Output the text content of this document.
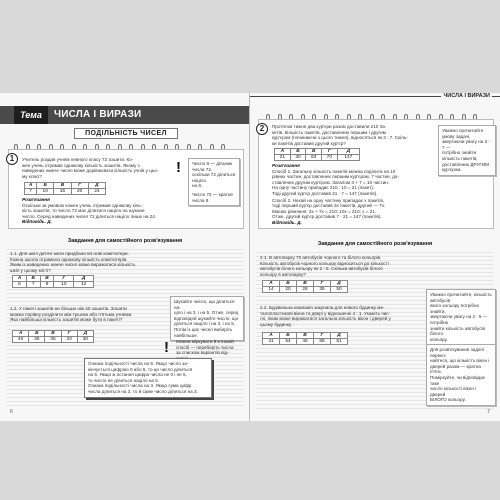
Тема	ЧИСЛА І ВИРАЗИ
ПОДІЛЬНІСТЬ ЧИСЕЛ
1	Учитель роздав учням певного класу 72 зошити. Ко-
жен учень отримав однакову кількість зошитів. Якому з
наведених нижче чисел може дорівнювати кількість учнів у цьо-
му класі?
А	Б	В	Г	Д
7	10	15	20	24
Розв'язання
Оскільки за умовою кожен учень отримав однакову кіль-
кість зошитів, то число 72 має ділитися націло на шукане
число. Серед наведених чисел 72 ділиться націло лише на 24.
Відповідь. Д.
! Число 8 — дільник числа 72,
оскільки 72 ділиться націло
на 8.
Число 72 — кратне числа 8.
Завдання для самостійного розв'язування
1.1. Для шкіл дитячі мати придбали 84 нові комп'ютери.
Кожна школа отримала однакову кількість комп'ютерів.
Яким із наведених нижче чисел може виражатися кількість
шкіл у цьому місті?
А	Б	В	Г	Д
6	7	8	10	12
1.2. У пакеті зошитів не більше ніж 40 зошитів. Зошити
можна порівну розділити між трьома або п'ятьма учнями.
Яка найбільша кількість зошитів може бути в пакеті?
А	Б	В	Г	Д
40	36	35	33	30
Шукайте число, що ділиться на-
ціло і на 3, і на 5. Отже, серед
відповідей шукайте число, що
ділиться націло і на 3, і на 5.
Потім із цих чисел виберіть
найбільше.
! Можна міркувати й в інший
спосіб — переберіть числа
за списком варіантів від-
Ознака подільності числа на 5. Якщо число за-
кінчується цифрою 0 або 5, то це число ділиться
на 5. Якщо ж остання цифра числа не 0 і не 5,
то число не ділиться націло на 5.
Ознака подільності числа на 3. Якщо сума цифр
числа ділиться на 3, то й саме число ділиться на 3.
6
ЧИСЛА І ВИРАЗИ
2	Протягом тижня два кур'єри разом доставили 210 па-
кетів. Кількість пакетів, доставлених першим і другим
кур'єром (починаючи з цього тижня), відносяться як 3 : 7. Скіль-
ки пакетів доставив другий кур'єр?
А	Б	В	Г	Д
21	30	63	70	147
Розв'язання
Спосіб 1. Загальну кількість пакетів можна поділити на 10
рівних частин, доставлених першим кур'єром, 7 частин, до-
ставлених другим кур'єром. Загалом 3 + 7 = 10 частин.
На одну частину припадає 210 : 10 = 21 (пакет).
Тоді другий кур'єр доставив 21 · 7 = 147 (пакетів).
Спосіб 2. Нехай на одну частину припадає x пакетів,
тоді перший кур'єр доставив 3x пакетів, другий — 7x.
Маємо рівняння: 3x + 7x = 210; 10x = 210; x = 21.
Отже, другий кур'єр доставив 7 · 21 = 147 (пакетів).
Відповідь. Д.
Уважно прочитайте умову задачі,
звертаючи увагу на 3 : 7 —
потрібно знайти кількість пакетів,
доставлених ДРУГИМ кур'єром.
Завдання для самостійного розв'язування
2.1. В автопарку 70 автобусів чорного та білого кольорів.
Кількість автобусів чорного кольору відноситься до кількості
автобусів білого кольору як 2 : 5. Скільки автобусів білого
кольору в автопарку?
А	Б	В	Г	Д
14	20	28	35	50
2.2. Будівельна компанія закупила для нового будинку ме-
талопластикові вікна та двері у відношенні 4 : 1. Укажіть чис-
ло, яким може виражатися загальна кількість вікон і дверей у
цьому будинку.
А	Б	В	Г	Д
41	54	45	88	81
Уважно прочитайте, кількість автобусів
якого кольору потрібно знайти,
звертаючи увагу на 2 : 5 — потрібно
знайти кількість автобусів білого
кольору.
Для розв'язування задачі переко-
найтеся, що кількість вікон і
дверей разом — кратна п'яти.
Поміркуйте, чи відповідає таке
число кількості вікон і дверей
БІЛОГО кольору.
7
